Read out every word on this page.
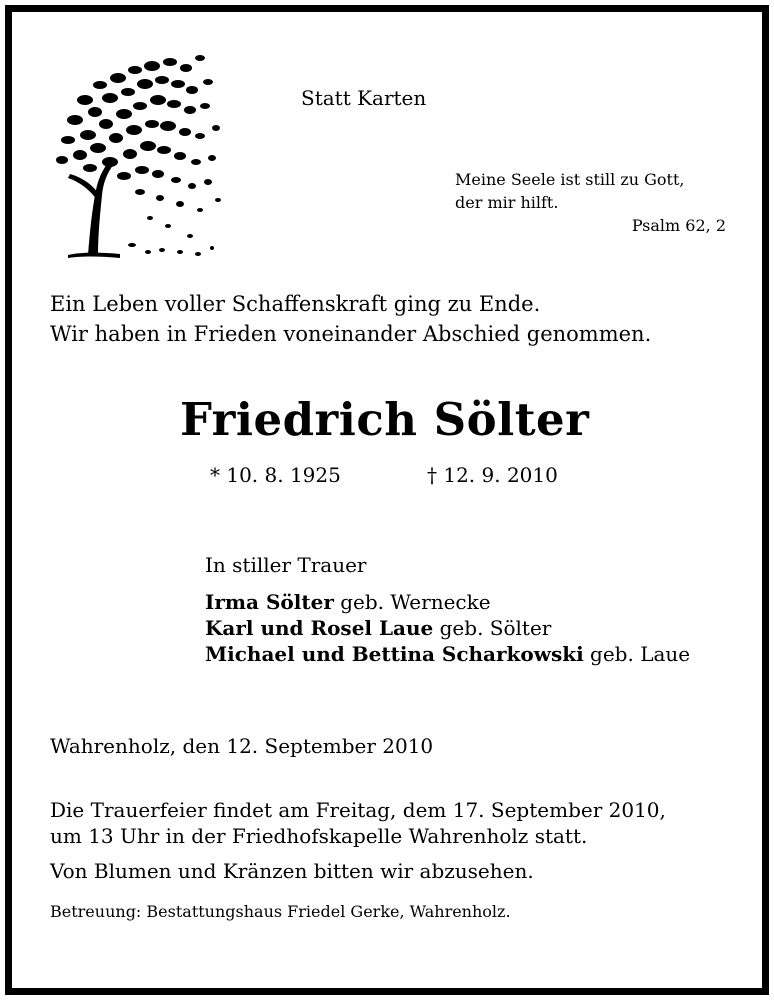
Statt Karten
Meine Seele ist still zu Gott,
der mir hilft.
Psalm 62, 2
Ein Leben voller Schaffenskraft ging zu Ende.
Wir haben in Frieden voneinander Abschied genommen.
Friedrich Sölter
* 10. 8. 1925	† 12. 9. 2010
In stiller Trauer
Irma Sölter geb. Wernecke
Karl und Rosel Laue geb. Sölter
Michael und Bettina Scharkowski geb. Laue
Wahrenholz, den 12. September 2010
Die Trauerfeier findet am Freitag, dem 17. September 2010,
um 13 Uhr in der Friedhofskapelle Wahrenholz statt.
Von Blumen und Kränzen bitten wir abzusehen.
Betreuung: Bestattungshaus Friedel Gerke, Wahrenholz.
